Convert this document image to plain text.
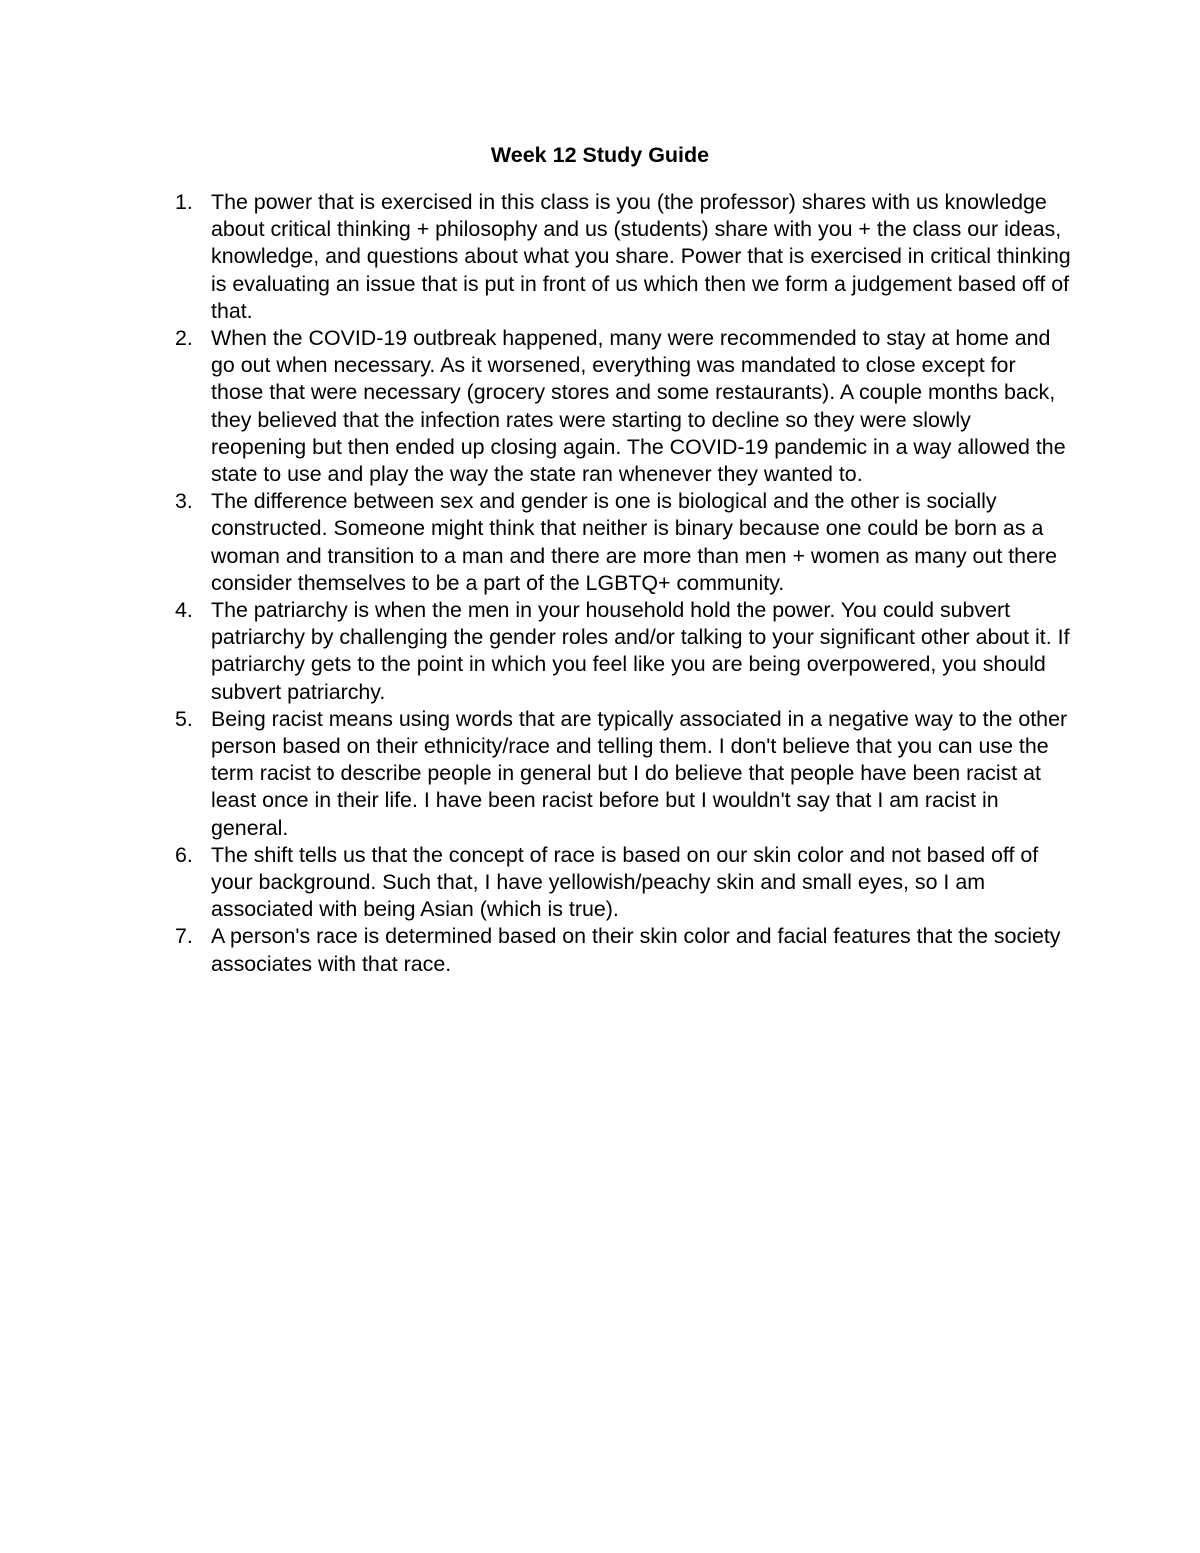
Week 12 Study Guide
1. The power that is exercised in this class is you (the professor) shares with us knowledge about critical thinking + philosophy and us (students) share with you + the class our ideas, knowledge, and questions about what you share. Power that is exercised in critical thinking is evaluating an issue that is put in front of us which then we form a judgement based off of that.
2. When the COVID-19 outbreak happened, many were recommended to stay at home and go out when necessary. As it worsened, everything was mandated to close except for those that were necessary (grocery stores and some restaurants). A couple months back, they believed that the infection rates were starting to decline so they were slowly reopening but then ended up closing again. The COVID-19 pandemic in a way allowed the state to use and play the way the state ran whenever they wanted to.
3. The difference between sex and gender is one is biological and the other is socially constructed. Someone might think that neither is binary because one could be born as a woman and transition to a man and there are more than men + women as many out there consider themselves to be a part of the LGBTQ+ community.
4. The patriarchy is when the men in your household hold the power. You could subvert patriarchy by challenging the gender roles and/or talking to your significant other about it. If patriarchy gets to the point in which you feel like you are being overpowered, you should subvert patriarchy.
5. Being racist means using words that are typically associated in a negative way to the other person based on their ethnicity/race and telling them. I don't believe that you can use the term racist to describe people in general but I do believe that people have been racist at least once in their life. I have been racist before but I wouldn't say that I am racist in general.
6. The shift tells us that the concept of race is based on our skin color and not based off of your background. Such that, I have yellowish/peachy skin and small eyes, so I am associated with being Asian (which is true).
7. A person's race is determined based on their skin color and facial features that the society associates with that race.
